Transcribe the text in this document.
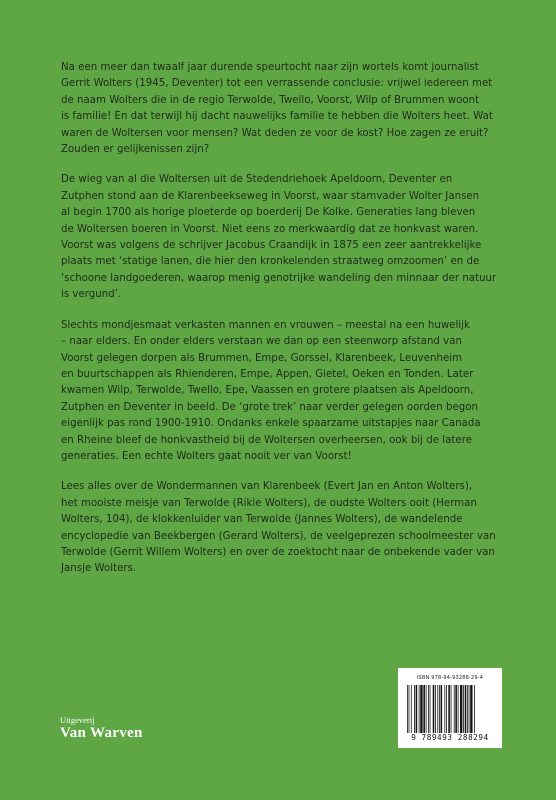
Na een meer dan twaalf jaar durende speurtocht naar zijn wortels komt journalist
Gerrit Wolters (1945, Deventer) tot een verrassende conclusie: vrijwel iedereen met
de naam Wolters die in de regio Terwolde, Twello, Voorst, Wilp of Brummen woont
is familie! En dat terwijl hij dacht nauwelijks familie te hebben die Wolters heet. Wat
waren de Woltersen voor mensen? Wat deden ze voor de kost? Hoe zagen ze eruit?
Zouden er gelijkenissen zijn?

De wieg van al die Woltersen uit de Stedendriehoek Apeldoorn, Deventer en
Zutphen stond aan de Klarenbeekseweg in Voorst, waar stamvader Wolter Jansen
al begin 1700 als horige ploeterde op boerderij De Kolke. Generaties lang bleven
de Woltersen boeren in Voorst. Niet eens zo merkwaardig dat ze honkvast waren.
Voorst was volgens de schrijver Jacobus Craandijk in 1875 een zeer aantrekkelijke
plaats met ‘statige lanen, die hier den kronkelenden straatweg omzoomen’ en de
‘schoone landgoederen, waarop menig genotrijke wandeling den minnaar der natuur
is vergund’.

Slechts mondjesmaat verkasten mannen en vrouwen – meestal na een huwelijk
– naar elders. En onder elders verstaan we dan op een steenworp afstand van
Voorst gelegen dorpen als Brummen, Empe, Gorssel, Klarenbeek, Leuvenheim
en buurtschappen als Rhienderen, Empe, Appen, Gietel, Oeken en Tonden. Later
kwamen Wilp, Terwolde, Twello, Epe, Vaassen en grotere plaatsen als Apeldoorn,
Zutphen en Deventer in beeld. De ‘grote trek’ naar verder gelegen oorden begon
eigenlijk pas rond 1900-1910. Ondanks enkele spaarzame uitstapjes naar Canada
en Rheine bleef de honkvastheid bij de Woltersen overheersen, ook bij de latere
generaties. Een echte Wolters gaat nooit ver van Voorst!

Lees alles over de Wondermannen van Klarenbeek (Evert Jan en Anton Wolters),
het mooiste meisje van Terwolde (Rikie Wolters), de oudste Wolters ooit (Herman
Wolters, 104), de klokkenluider van Terwolde (Jannes Wolters), de wandelende
encyclopedie van Beekbergen (Gerard Wolters), de veelgeprezen schoolmeester van
Terwolde (Gerrit Willem Wolters) en over de zoektocht naar de onbekende vader van
Jansje Wolters.

ISBN 978-94-93288-29-4
9 789493 288294
Uitgeverij
Van Warven
